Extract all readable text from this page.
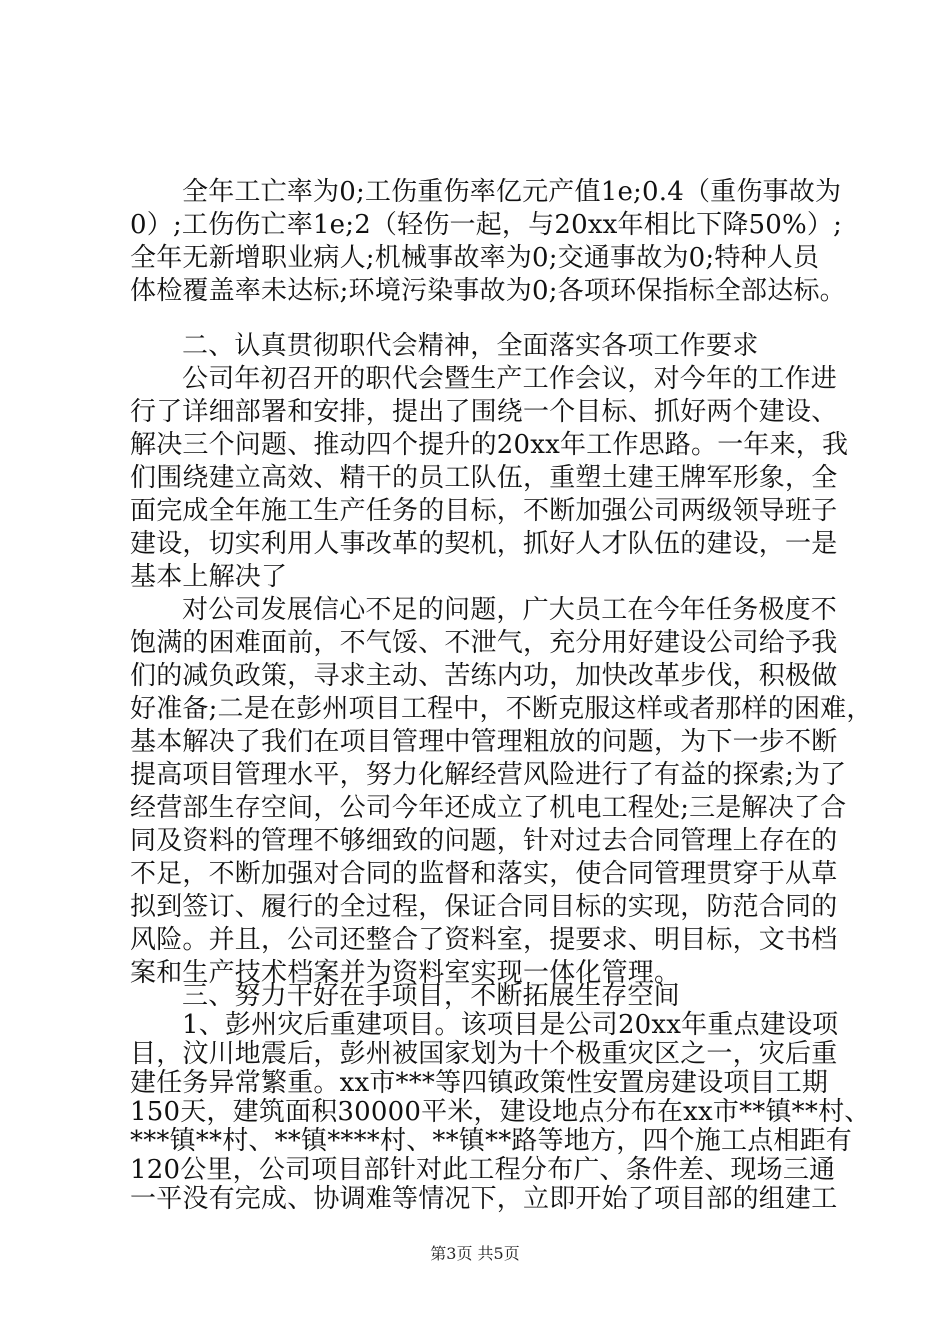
全年工亡率为0;工伤重伤率亿元产值1e;0.4（重伤事故为
0）;工伤伤亡率1e;2（轻伤一起，与20xx年相比下降50%）;
全年无新增职业病人;机械事故率为0;交通事故为0;特种人员
体检覆盖率未达标;环境污染事故为0;各项环保指标全部达标。
二、认真贯彻职代会精神，全面落实各项工作要求
公司年初召开的职代会暨生产工作会议，对今年的工作进
行了详细部署和安排，提出了围绕一个目标、抓好两个建设、
解决三个问题、推动四个提升的20xx年工作思路。一年来，我
们围绕建立高效、精干的员工队伍，重塑土建王牌军形象，全
面完成全年施工生产任务的目标，不断加强公司两级领导班子
建设，切实利用人事改革的契机，抓好人才队伍的建设，一是
基本上解决了
对公司发展信心不足的问题，广大员工在今年任务极度不
饱满的困难面前，不气馁、不泄气，充分用好建设公司给予我
们的减负政策，寻求主动、苦练内功，加快改革步伐，积极做
好准备;二是在彭州项目工程中，不断克服这样或者那样的困难，
基本解决了我们在项目管理中管理粗放的问题，为下一步不断
提高项目管理水平，努力化解经营风险进行了有益的探索;为了
经营部生存空间，公司今年还成立了机电工程处;三是解决了合
同及资料的管理不够细致的问题，针对过去合同管理上存在的
不足，不断加强对合同的监督和落实，使合同管理贯穿于从草
拟到签订、履行的全过程，保证合同目标的实现，防范合同的
风险。并且，公司还整合了资料室，提要求、明目标，文书档
案和生产技术档案并为资料室实现一体化管理。
三、努力干好在手项目，不断拓展生存空间
1、彭州灾后重建项目。该项目是公司20xx年重点建设项
目，汶川地震后，彭州被国家划为十个极重灾区之一，灾后重
建任务异常繁重。xx市***等四镇政策性安置房建设项目工期
150天，建筑面积30000平米，建设地点分布在xx市**镇**村、
***镇**村、**镇****村、**镇**路等地方，四个施工点相距有
120公里，公司项目部针对此工程分布广、条件差、现场三通
一平没有完成、协调难等情况下，立即开始了项目部的组建工
第3页 共5页
